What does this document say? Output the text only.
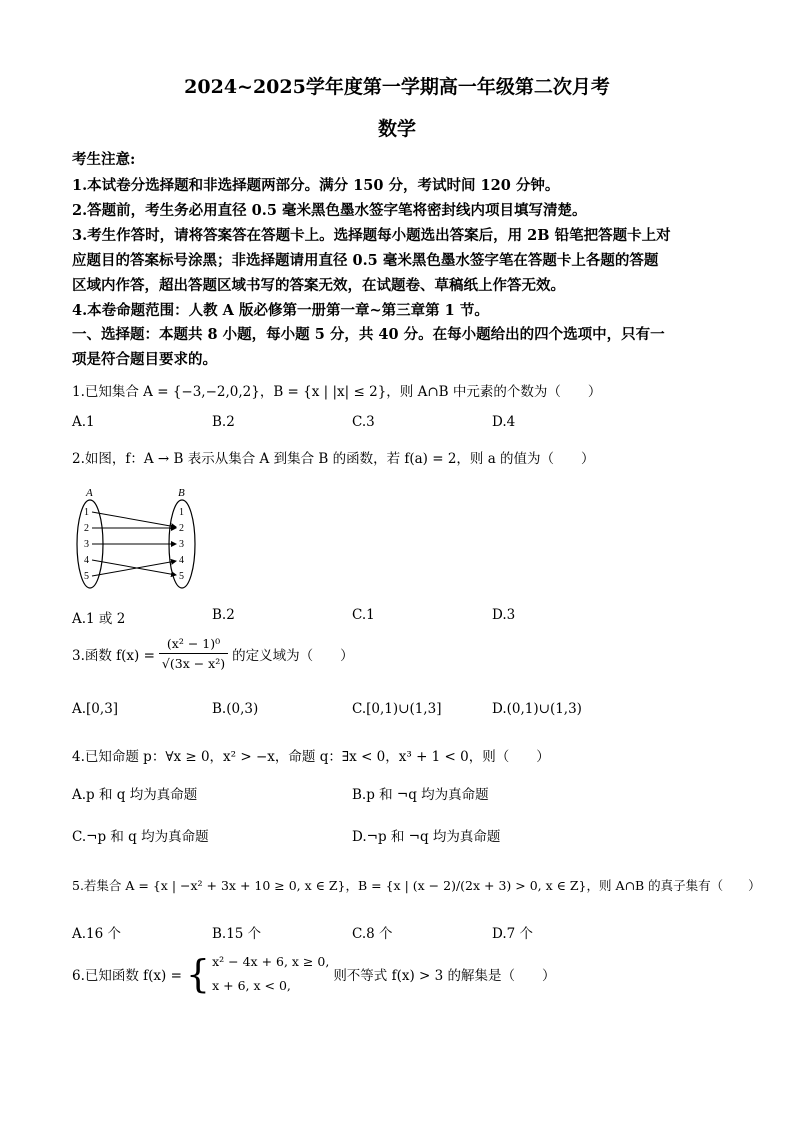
2024~2025学年度第一学期高一年级第二次月考
数学
考生注意:
1.本试卷分选择题和非选择题两部分。满分 150 分，考试时间 120 分钟。
2.答题前，考生务必用直径 0.5 毫米黑色墨水签字笔将密封线内项目填写清楚。
3.考生作答时，请将答案答在答题卡上。选择题每小题选出答案后，用 2B 铅笔把答题卡上对
应题目的答案标号涂黑；非选择题请用直径 0.5 毫米黑色墨水签字笔在答题卡上各题的答题
区域内作答，超出答题区域书写的答案无效，在试题卷、草稿纸上作答无效。
4.本卷命题范围：人教 A 版必修第一册第一章~第三章第 1 节。
一、选择题：本题共 8 小题，每小题 5 分，共 40 分。在每小题给出的四个选项中，只有一
项是符合题目要求的。
1.已知集合 A = {−3,−2,0,2}，B = {x | |x| ≤ 2}，则 A∩B 中元素的个数为（　　）
A.1	B.2	C.3	D.4
2.如图，f：A → B 表示从集合 A 到集合 B 的函数，若 f(a) = 2，则 a 的值为（　　）
A	B
1
2
3
4
5
1
2
3
4
5
A.1 或 2	B.2	C.1	D.3
3.函数 $f(x) = \frac{\text{(x² − 1)⁰}}{\text{√(3x − x²)}}$ 的定义域为（　　）
A.[0,3]	B.(0,3)	C.[0,1)∪(1,3]	D.(0,1)∪(1,3)
4.已知命题 p：∀x ≥ 0，x² > −x，命题 q：∃x < 0，x³ + 1 < 0，则（　　）
A.p 和 q 均为真命题	B.p 和 ¬q 均为真命题
C.¬p 和 q 均为真命题	D.¬p 和 ¬q 均为真命题
5.若集合 A = {x | −x² + 3x + 10 ≥ 0, x ∈ Z}，B = {x | (x − 2)/(2x + 3) > 0, x ∈ Z}，则 A∩B 的真子集有（　　）
A.16 个	B.15 个	C.8 个	D.7 个
6.已知函数 f(x) = { x² − 4x + 6, x ≥ 0,
x + 6, x < 0,
则不等式 f(x) > 3 的解集是（　　）
